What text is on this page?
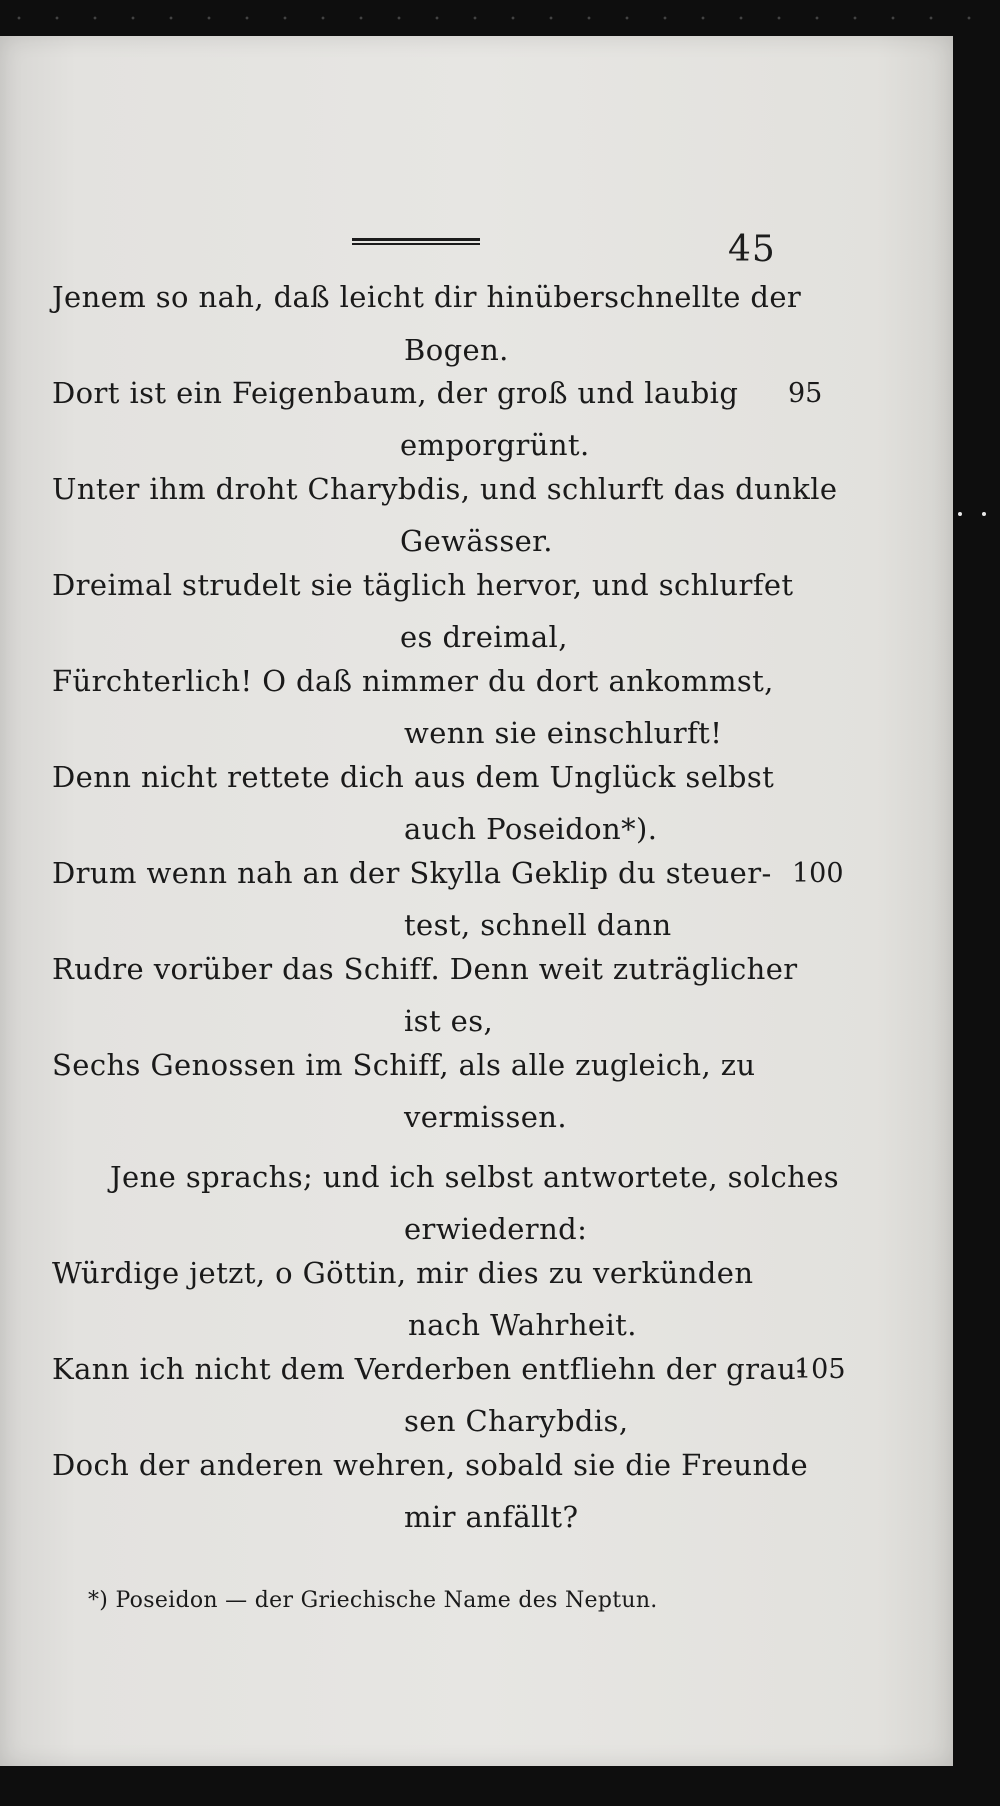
45
Jenem so nah, daß leicht dir hinüberschnellte der
Bogen.
Dort ist ein Feigenbaum, der groß und laubig 95
emporgrünt.
Unter ihm droht Charybdis, und schlurft das dunkle
Gewässer.
Dreimal strudelt sie täglich hervor, und schlurfet
es dreimal,
Fürchterlich! O daß nimmer du dort ankommst,
wenn sie einschlurft!
Denn nicht rettete dich aus dem Unglück selbst
auch Poseidon*).
Drum wenn nah an der Skylla Geklip du steuer- 100
test, schnell dann
Rudre vorüber das Schiff. Denn weit zuträglicher
ist es,
Sechs Genossen im Schiff, als alle zugleich, zu
vermissen.
Jene sprachs; und ich selbst antwortete, solches
erwiedernd:
Würdige jetzt, o Göttin, mir dies zu verkünden
nach Wahrheit.
Kann ich nicht dem Verderben entfliehn der grau-
105
sen Charybdis,
Doch der anderen wehren, sobald sie die Freunde
mir anfällt?
*) Poseidon — der Griechische Name des Neptun.
